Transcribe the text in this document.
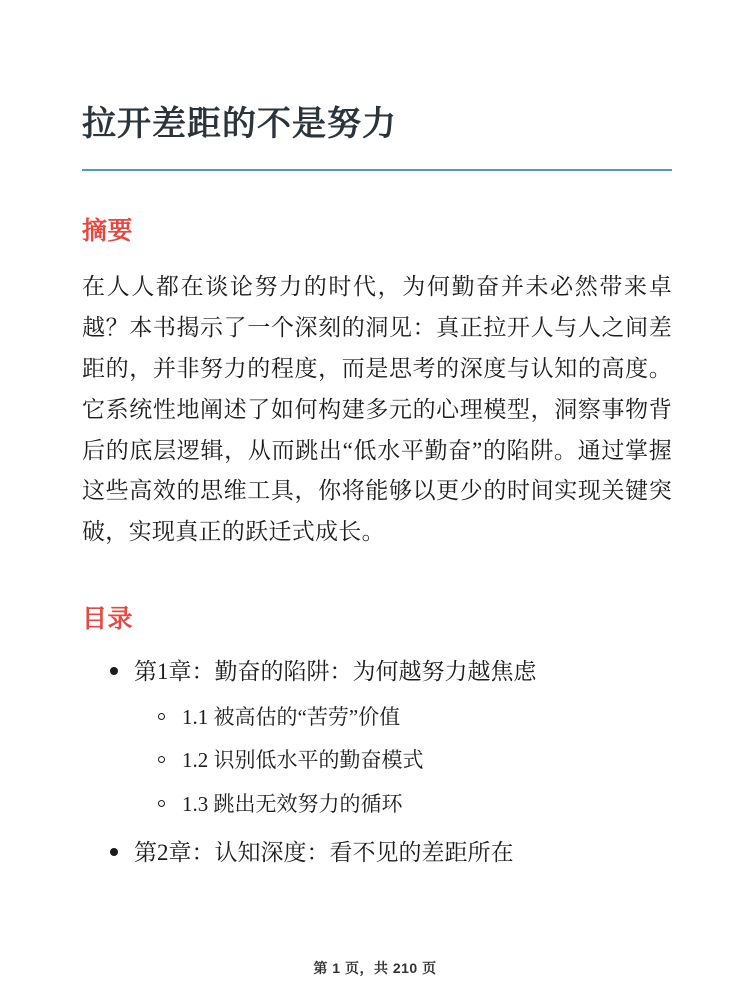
拉开差距的不是努力
摘要

在人人都在谈论努力的时代，为何勤奋并未必然带来卓越？本书揭示了一个深刻的洞见：真正拉开人与人之间差距的，并非努力的程度，而是思考的深度与认知的高度。它系统性地阐述了如何构建多元的心理模型，洞察事物背后的底层逻辑，从而跳出“低水平勤奋”的陷阱。通过掌握这些高效的思维工具，你将能够以更少的时间实现关键突破，实现真正的跃迁式成长。

目录
第1章：勤奋的陷阱：为何越努力越焦虑
1.1 被高估的“苦劳”价值
1.2 识别低水平的勤奋模式
1.3 跳出无效努力的循环
第2章：认知深度：看不见的差距所在
第 1 页，共 210 页
